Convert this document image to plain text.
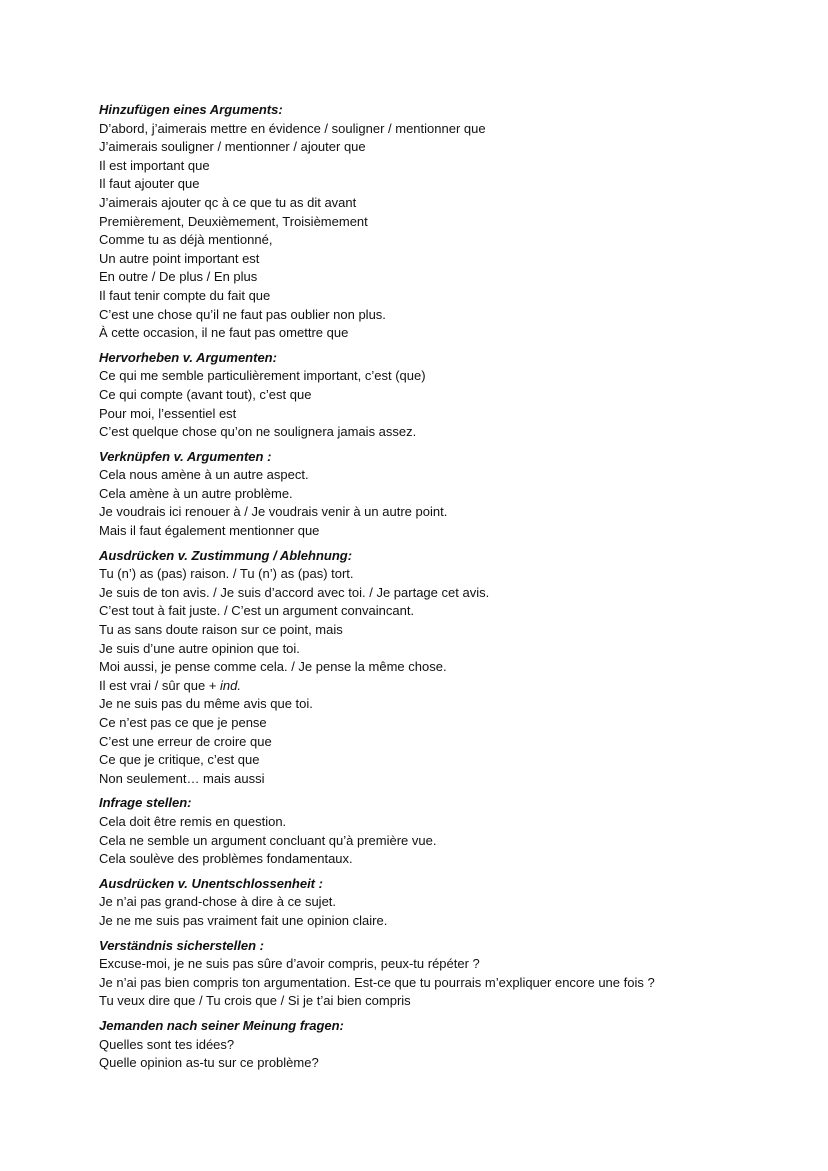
Hinzufügen eines Arguments:

D’abord, j’aimerais mettre en évidence / souligner / mentionner que

J’aimerais souligner / mentionner / ajouter que

Il est important que

Il faut ajouter que

J’aimerais ajouter qc à ce que tu as dit avant

Premièrement, Deuxièmement, Troisièmement

Comme tu as déjà mentionné,

Un autre point important est

En outre / De plus / En plus

Il faut tenir compte du fait que

C’est une chose qu’il ne faut pas oublier non plus.

À cette occasion, il ne faut pas omettre que

Hervorheben v. Argumenten:

Ce qui me semble particulièrement important, c’est (que)

Ce qui compte (avant tout), c’est que

Pour moi, l’essentiel est

C’est quelque chose qu’on ne soulignera jamais assez.

Verknüpfen v. Argumenten :

Cela nous amène à un autre aspect.

Cela amène à un autre problème.

Je voudrais ici renouer à / Je voudrais venir à un autre point.

Mais il faut également mentionner que

Ausdrücken v. Zustimmung / Ablehnung:

Tu (n’) as (pas) raison. / Tu (n’) as (pas) tort.

Je suis de ton avis. / Je suis d’accord avec toi. / Je partage cet avis.

C’est tout à fait juste. / C’est un argument convaincant.

Tu as sans doute raison sur ce point, mais

Je suis d’une autre opinion que toi.

Moi aussi, je pense comme cela. / Je pense la même chose.

Il est vrai / sûr que + ind.

Je ne suis pas du même avis que toi.

Ce n’est pas ce que je pense

C’est une erreur de croire que

Ce que je critique, c’est que

Non seulement… mais aussi

Infrage stellen:

Cela doit être remis en question.

Cela ne semble un argument concluant qu’à première vue.

Cela soulève des problèmes fondamentaux.

Ausdrücken v. Unentschlossenheit :

Je n’ai pas grand-chose à dire à ce sujet.

Je ne me suis pas vraiment fait une opinion claire.

Verständnis sicherstellen :

Excuse-moi, je ne suis pas sûre d’avoir compris, peux-tu répéter ?

Je n’ai pas bien compris ton argumentation. Est-ce que tu pourrais m’expliquer encore une fois ?

Tu veux dire que / Tu crois que / Si je t’ai bien compris

Jemanden nach seiner Meinung fragen:

Quelles sont tes idées?

Quelle opinion as-tu sur ce problème?
